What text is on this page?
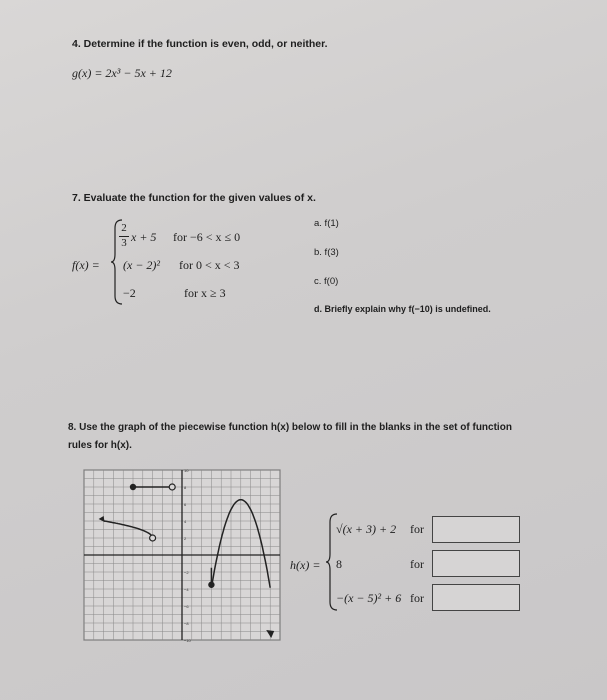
4. Determine if the function is even, odd, or neither.
g(x) = 2x³ − 5x + 12
7. Evaluate the function for the given values of x.
f(x) =
2
3 x + 5 for −6 < x ≤ 0
(x − 2)² for 0 < x < 3
−2	for x ≥ 3
a. f(1)
b. f(3)
c. f(0)
d. Briefly explain why f(−10) is undefined.
8. Use the graph of the piecewise function h(x) below to fill in the blanks in the set of function
rules for h(x).
10
8
6
4
2
−2
−4
−6
−8
−10
h(x) =
√(x + 3) + 2 for
8	for
−(x − 5)² + 6 for
